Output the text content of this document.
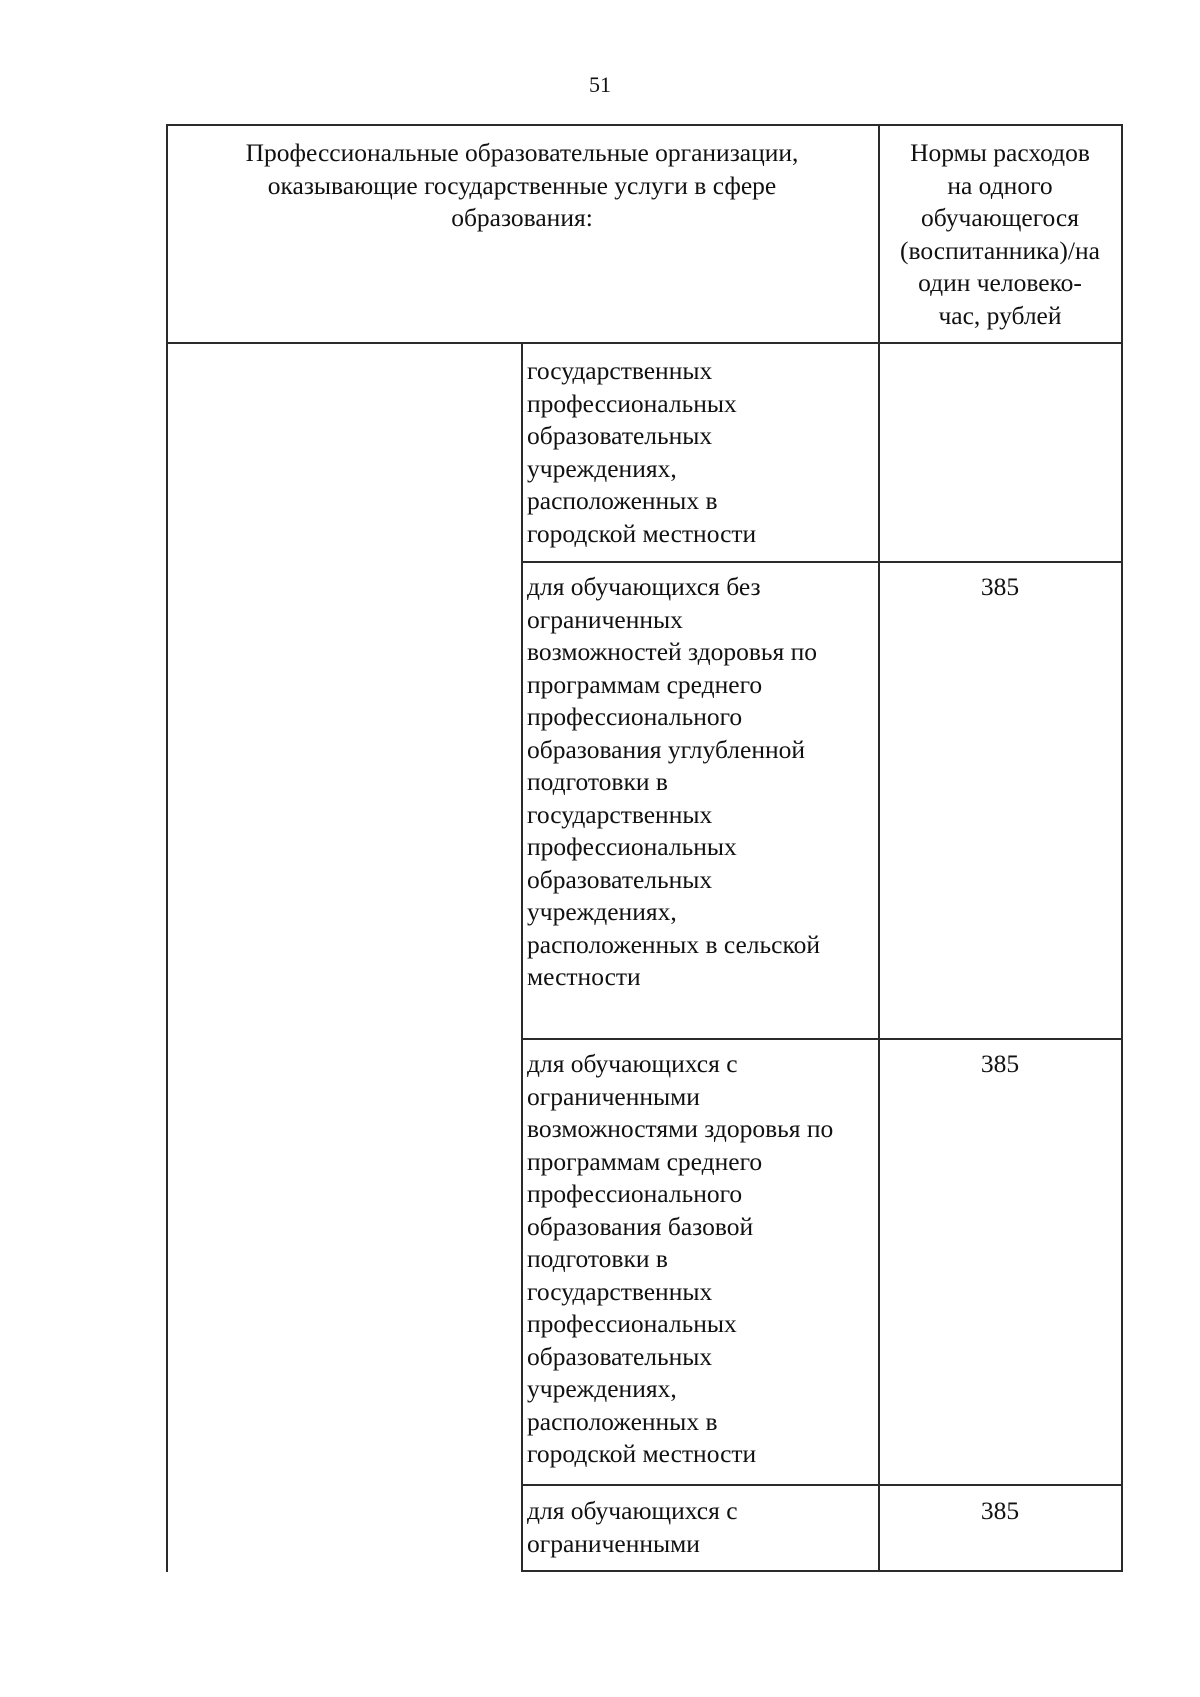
51
Профессиональные образовательные организации,
оказывающие государственные услуги в сфере
образования:
Нормы расходов
на одного
обучающегося
(воспитанника)/на
один человеко-
час, рублей
государственных
профессиональных
образовательных
учреждениях,
расположенных в
городской местности
для обучающихся без
ограниченных
возможностей здоровья по
программам среднего
профессионального
образования углубленной
подготовки в
государственных
профессиональных
образовательных
учреждениях,
расположенных в сельской
местности
385
для обучающихся с
ограниченными
возможностями здоровья по
программам среднего
профессионального
образования базовой
подготовки в
государственных
профессиональных
образовательных
учреждениях,
расположенных в
городской местности
385
для обучающихся с
ограниченными
385
